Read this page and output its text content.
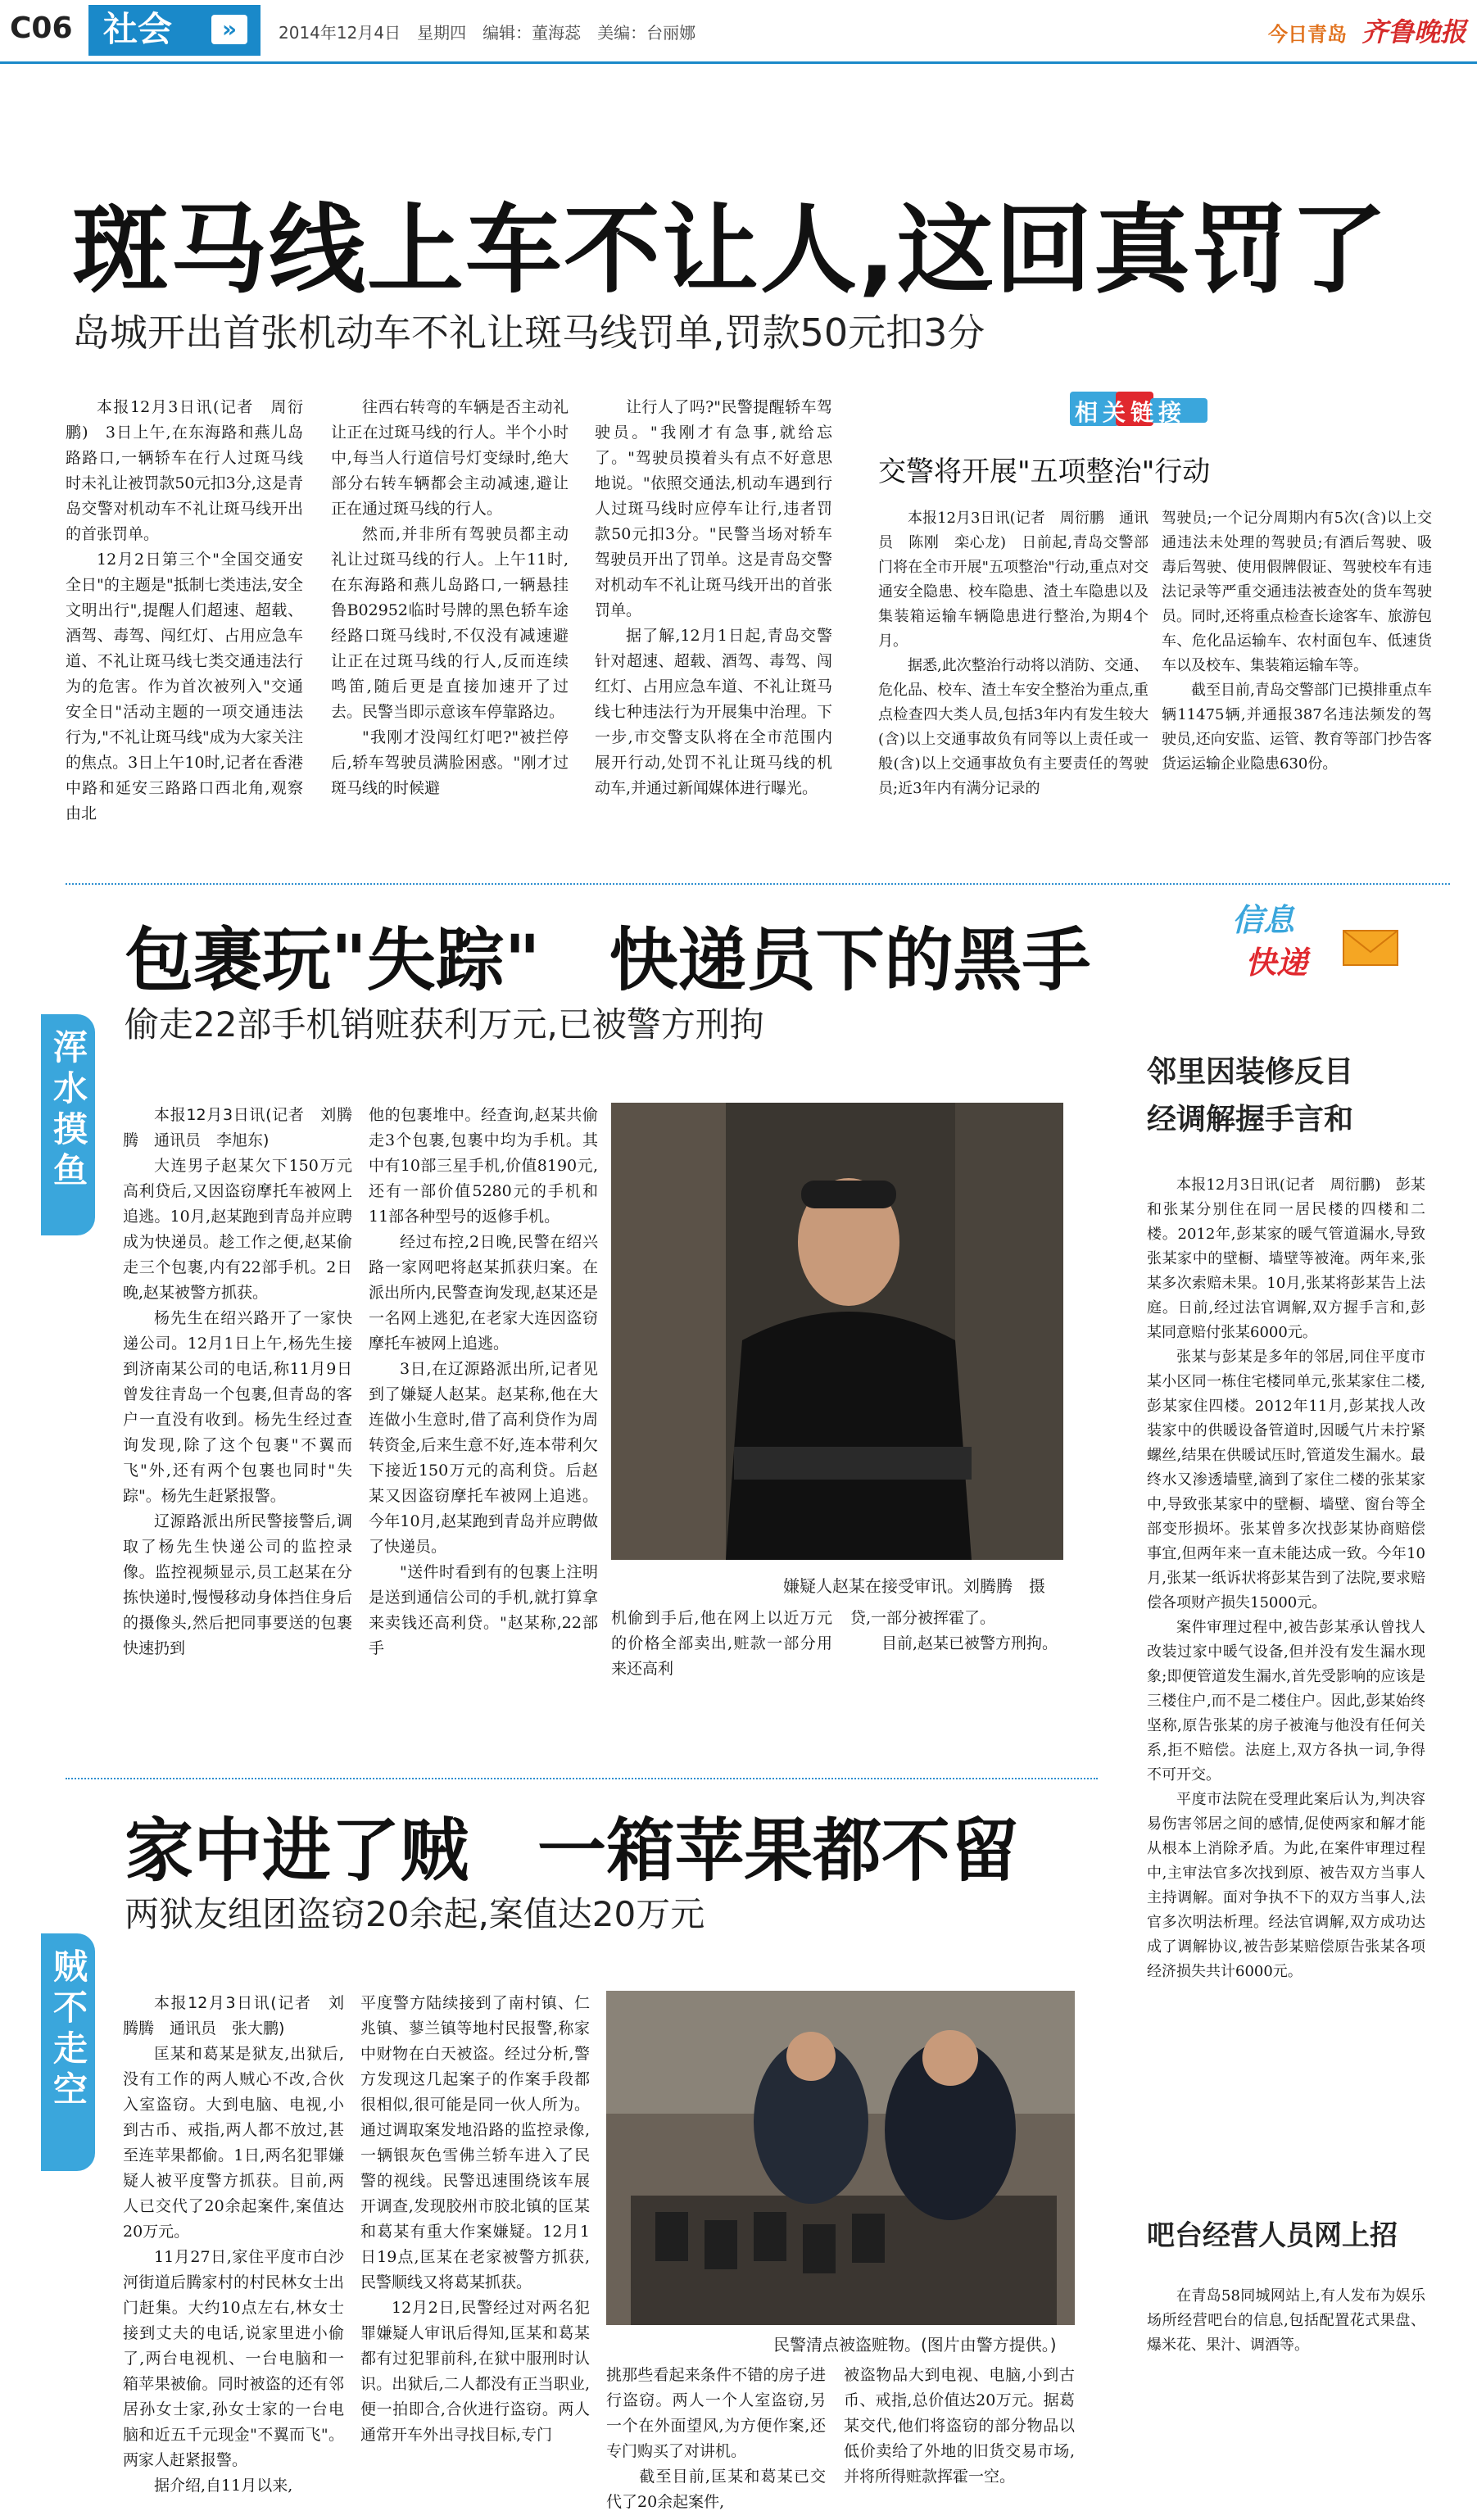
C06 社会	»	2014年12月4日　星期四　编辑：董海蕊　美编：台丽娜	今日青岛 齐鲁晚报
斑马线上车不让人,这回真罚了
岛城开出首张机动车不礼让斑马线罚单,罚款50元扣3分

本报12月3日讯(记者　周衍鹏)　3日上午,在东海路和燕儿岛路路口,一辆轿车在行人过斑马线时未礼让被罚款50元扣3分,这是青岛交警对机动车不礼让斑马线开出的首张罚单。

12月2日第三个"全国交通安全日"的主题是"抵制七类违法,安全文明出行",提醒人们超速、超载、酒驾、毒驾、闯红灯、占用应急车道、不礼让斑马线七类交通违法行为的危害。作为首次被列入"交通安全日"活动主题的一项交通违法行为,"不礼让斑马线"成为大家关注的焦点。3日上午10时,记者在香港中路和延安三路路口西北角,观察由北

往西右转弯的车辆是否主动礼让正在过斑马线的行人。半个小时中,每当人行道信号灯变绿时,绝大部分右转车辆都会主动减速,避让正在通过斑马线的行人。

然而,并非所有驾驶员都主动礼让过斑马线的行人。上午11时,在东海路和燕儿岛路口,一辆悬挂鲁B02952临时号牌的黑色轿车途经路口斑马线时,不仅没有减速避让正在过斑马线的行人,反而连续鸣笛,随后更是直接加速开了过去。民警当即示意该车停靠路边。

"我刚才没闯红灯吧?"被拦停后,轿车驾驶员满脸困惑。"刚才过斑马线的时候避

让行人了吗?"民警提醒轿车驾驶员。"我刚才有急事,就给忘了。"驾驶员摸着头有点不好意思地说。"依照交通法,机动车遇到行人过斑马线时应停车让行,违者罚款50元扣3分。"民警当场对轿车驾驶员开出了罚单。这是青岛交警对机动车不礼让斑马线开出的首张罚单。

据了解,12月1日起,青岛交警针对超速、超载、酒驾、毒驾、闯红灯、占用应急车道、不礼让斑马线七种违法行为开展集中治理。下一步,市交警支队将在全市范围内展开行动,处罚不礼让斑马线的机动车,并通过新闻媒体进行曝光。

相关链接
交警将开展"五项整治"行动

本报12月3日讯(记者　周衍鹏　通讯员　陈刚　栾心龙)　日前起,青岛交警部门将在全市开展"五项整治"行动,重点对交通安全隐患、校车隐患、渣土车隐患以及集装箱运输车辆隐患进行整治,为期4个月。

据悉,此次整治行动将以消防、交通、危化品、校车、渣土车安全整治为重点,重点检查四大类人员,包括3年内有发生较大(含)以上交通事故负有同等以上责任或一般(含)以上交通事故负有主要责任的驾驶员;近3年内有满分记录的

驾驶员;一个记分周期内有5次(含)以上交通违法未处理的驾驶员;有酒后驾驶、吸毒后驾驶、使用假牌假证、驾驶校车有违法记录等严重交通违法被查处的货车驾驶员。同时,还将重点检查长途客车、旅游包车、危化品运输车、农村面包车、低速货车以及校车、集装箱运输车等。

截至目前,青岛交警部门已摸排重点车辆11475辆,并通报387名违法频发的驾驶员,还向安监、运管、教育等部门抄告客货运运输企业隐患630份。

浑水摸鱼
包裹玩"失踪"　快递员下的黑手
偷走22部手机销赃获利万元,已被警方刑拘

本报12月3日讯(记者　刘腾腾　通讯员　李旭东)

大连男子赵某欠下150万元高利贷后,又因盗窃摩托车被网上追逃。10月,赵某跑到青岛并应聘成为快递员。趁工作之便,赵某偷走三个包裹,内有22部手机。2日晚,赵某被警方抓获。

杨先生在绍兴路开了一家快递公司。12月1日上午,杨先生接到济南某公司的电话,称11月9日曾发往青岛一个包裹,但青岛的客户一直没有收到。杨先生经过查询发现,除了这个包裹"不翼而飞"外,还有两个包裹也同时"失踪"。杨先生赶紧报警。

辽源路派出所民警接警后,调取了杨先生快递公司的监控录像。监控视频显示,员工赵某在分拣快递时,慢慢移动身体挡住身后的摄像头,然后把同事要送的包裹快速扔到

他的包裹堆中。经查询,赵某共偷走3个包裹,包裹中均为手机。其中有10部三星手机,价值8190元,还有一部价值5280元的手机和11部各种型号的返修手机。

经过布控,2日晚,民警在绍兴路一家网吧将赵某抓获归案。在派出所内,民警查询发现,赵某还是一名网上逃犯,在老家大连因盗窃摩托车被网上追逃。

3日,在辽源路派出所,记者见到了嫌疑人赵某。赵某称,他在大连做小生意时,借了高利贷作为周转资金,后来生意不好,连本带利欠下接近150万元的高利贷。后赵某又因盗窃摩托车被网上追逃。今年10月,赵某跑到青岛并应聘做了快递员。

"送件时看到有的包裹上注明是送到通信公司的手机,就打算拿来卖钱还高利贷。"赵某称,22部手

嫌疑人赵某在接受审讯。刘腾腾　摄
机偷到手后,他在网上以近万元的价格全部卖出,赃款一部分用来还高利
贷,一部分被挥霍了。
　　目前,赵某已被警方刑拘。
信息
快递
邻里因装修反目
经调解握手言和

本报12月3日讯(记者　周衍鹏)　彭某和张某分别住在同一居民楼的四楼和二楼。2012年,彭某家的暖气管道漏水,导致张某家中的壁橱、墙壁等被淹。两年来,张某多次索赔未果。10月,张某将彭某告上法庭。日前,经过法官调解,双方握手言和,彭某同意赔付张某6000元。

张某与彭某是多年的邻居,同住平度市某小区同一栋住宅楼同单元,张某家住二楼,彭某家住四楼。2012年11月,彭某找人改装家中的供暖设备管道时,因暖气片未拧紧螺丝,结果在供暖试压时,管道发生漏水。最终水又渗透墙壁,滴到了家住二楼的张某家中,导致张某家中的壁橱、墙壁、窗台等全部变形损坏。张某曾多次找彭某协商赔偿事宜,但两年来一直未能达成一致。今年10月,张某一纸诉状将彭某告到了法院,要求赔偿各项财产损失15000元。

案件审理过程中,被告彭某承认曾找人改装过家中暖气设备,但并没有发生漏水现象;即便管道发生漏水,首先受影响的应该是三楼住户,而不是二楼住户。因此,彭某始终坚称,原告张某的房子被淹与他没有任何关系,拒不赔偿。法庭上,双方各执一词,争得不可开交。

平度市法院在受理此案后认为,判决容易伤害邻居之间的感情,促使两家和解才能从根本上消除矛盾。为此,在案件审理过程中,主审法官多次找到原、被告双方当事人主持调解。面对争执不下的双方当事人,法官多次明法析理。经法官调解,双方成功达成了调解协议,被告彭某赔偿原告张某各项经济损失共计6000元。

贼不走空
家中进了贼　一箱苹果都不留
两狱友组团盗窃20余起,案值达20万元

本报12月3日讯(记者　刘腾腾　通讯员　张大鹏)

匡某和葛某是狱友,出狱后,没有工作的两人贼心不改,合伙入室盗窃。大到电脑、电视,小到古币、戒指,两人都不放过,甚至连苹果都偷。1日,两名犯罪嫌疑人被平度警方抓获。目前,两人已交代了20余起案件,案值达20万元。

11月27日,家住平度市白沙河街道后腾家村的村民林女士出门赶集。大约10点左右,林女士接到丈夫的电话,说家里进小偷了,两台电视机、一台电脑和一箱苹果被偷。同时被盗的还有邻居孙女士家,孙女士家的一台电脑和近五千元现金"不翼而飞"。两家人赶紧报警。

据介绍,自11月以来,

平度警方陆续接到了南村镇、仁兆镇、蓼兰镇等地村民报警,称家中财物在白天被盗。经过分析,警方发现这几起案子的作案手段都很相似,很可能是同一伙人所为。通过调取案发地沿路的监控录像,一辆银灰色雪佛兰轿车进入了民警的视线。民警迅速围绕该车展开调查,发现胶州市胶北镇的匡某和葛某有重大作案嫌疑。12月1日19点,匡某在老家被警方抓获,民警顺线又将葛某抓获。

12月2日,民警经过对两名犯罪嫌疑人审讯后得知,匡某和葛某都有过犯罪前科,在狱中服刑时认识。出狱后,二人都没有正当职业,便一拍即合,合伙进行盗窃。两人通常开车外出寻找目标,专门

民警清点被盗赃物。(图片由警方提供。)
挑那些看起来条件不错的房子进行盗窃。两人一个人室盗窃,另一个在外面望风,为方便作案,还专门购买了对讲机。
　　截至目前,匡某和葛某已交代了20余起案件,
被盗物品大到电视、电脑,小到古币、戒指,总价值达20万元。据葛某交代,他们将盗窃的部分物品以低价卖给了外地的旧货交易市场,并将所得赃款挥霍一空。
吧台经营人员网上招

在青岛58同城网站上,有人发布为娱乐场所经营吧台的信息,包括配置花式果盘、爆米花、果汁、调酒等。
